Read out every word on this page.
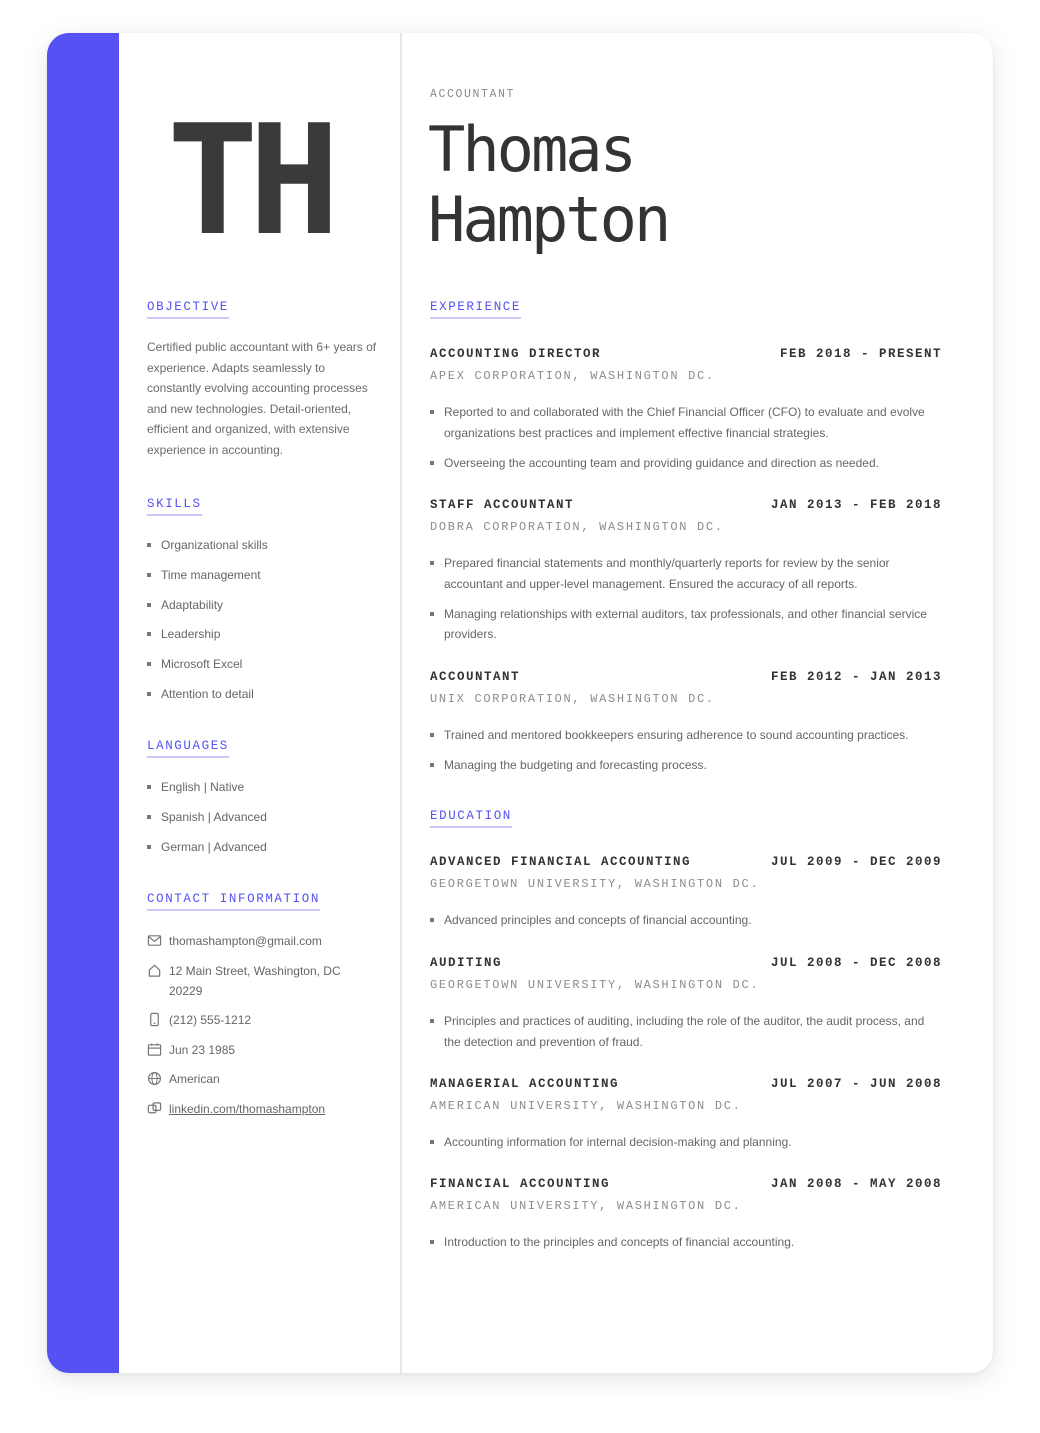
TH
OBJECTIVE

Certified public accountant with 6+ years of experience. Adapts seamlessly to constantly evolving accounting processes and new technologies. Detail-oriented, efficient and organized, with extensive experience in accounting.

SKILLS
Organizational skills
Time management
Adaptability
Leadership
Microsoft Excel
Attention to detail
LANGUAGES
English | Native
Spanish | Advanced
German | Advanced
CONTACT INFORMATION
thomashampton@gmail.com
12 Main Street, Washington, DC 20229
(212) 555-1212
Jun 23 1985
American
linkedin.com/thomashampton

ACCOUNTANT

Thomas
Hampton
EXPERIENCE
ACCOUNTING DIRECTOR	FEB 2018 - PRESENT
APEX CORPORATION, WASHINGTON DC.
Reported to and collaborated with the Chief Financial Officer (CFO) to evaluate and evolve organizations best practices and implement effective financial strategies.
Overseeing the accounting team and providing guidance and direction as needed.
STAFF ACCOUNTANT	JAN 2013 - FEB 2018
DOBRA CORPORATION, WASHINGTON DC.
Prepared financial statements and monthly/quarterly reports for review by the senior accountant and upper-level management. Ensured the accuracy of all reports.
Managing relationships with external auditors, tax professionals, and other financial service providers.
ACCOUNTANT	FEB 2012 - JAN 2013
UNIX CORPORATION, WASHINGTON DC.
Trained and mentored bookkeepers ensuring adherence to sound accounting practices.
Managing the budgeting and forecasting process.
EDUCATION
ADVANCED FINANCIAL ACCOUNTING	JUL 2009 - DEC 2009
GEORGETOWN UNIVERSITY, WASHINGTON DC.
Advanced principles and concepts of financial accounting.
AUDITING	JUL 2008 - DEC 2008
GEORGETOWN UNIVERSITY, WASHINGTON DC.
Principles and practices of auditing, including the role of the auditor, the audit process, and the detection and prevention of fraud.
MANAGERIAL ACCOUNTING	JUL 2007 - JUN 2008
AMERICAN UNIVERSITY, WASHINGTON DC.
Accounting information for internal decision-making and planning.
FINANCIAL ACCOUNTING	JAN 2008 - MAY 2008
AMERICAN UNIVERSITY, WASHINGTON DC.
Introduction to the principles and concepts of financial accounting.
